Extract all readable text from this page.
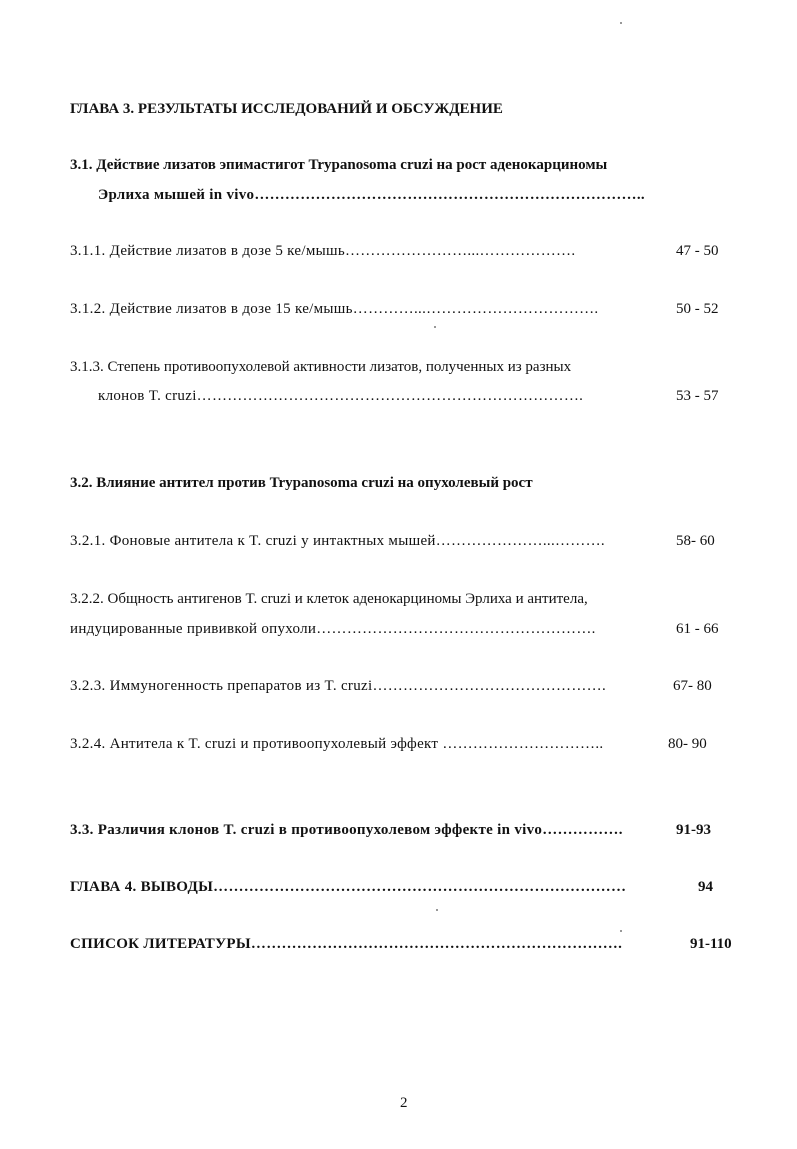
ГЛАВА 3. РЕЗУЛЬТАТЫ ИССЛЕДОВАНИЙ И ОБСУЖДЕНИЕ
3.1. Действие лизатов эпимастигот Trypanosoma cruzi на рост аденокарциномы
Эрлиха мышей in vivo…………………………………………………………………..
3.1.1. Действие лизатов в дозе 5 ке/мышь……………………...……………….	47 - 50
3.1.2. Действие лизатов в дозе 15 ке/мышь…………...…………………………….	50 - 52
3.1.3. Степень противоопухолевой активности лизатов, полученных из разных
клонов T. cruzi………………………………………………………………….	53 - 57
3.2. Влияние антител против Trypanosoma cruzi на опухолевый рост
3.2.1. Фоновые антитела к T. cruzi у интактных мышей…………………...……….	58- 60
3.2.2. Общность антигенов T. cruzi и клеток аденокарциномы Эрлиха и антитела,
индуцированные прививкой опухоли……………………………………………….	61 - 66
3.2.3. Иммуногенность препаратов из T. cruzi……………………………………….	67- 80
3.2.4. Антитела к T. cruzi и противоопухолевый эффект …………………………..	80- 90
3.3. Различия клонов T. cruzi в противоопухолевом эффекте in vivo…………….	91-93
ГЛАВА 4. ВЫВОДЫ………………………………………………………………………	94
СПИСОК ЛИТЕРАТУРЫ……………………………………………………………….	91-110
2
